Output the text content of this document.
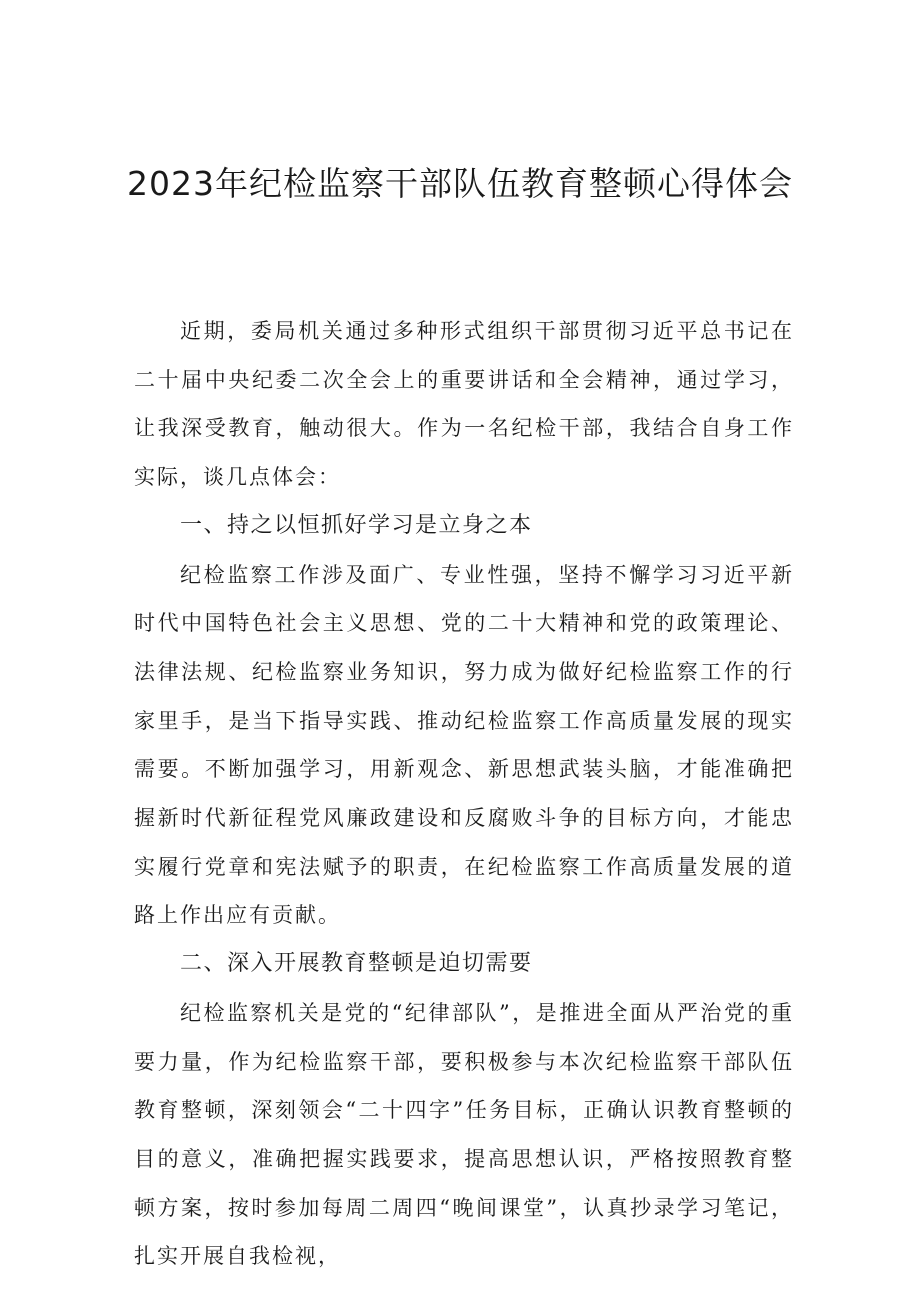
2023年纪检监察干部队伍教育整顿心得体会

近期，委局机关通过多种形式组织干部贯彻习近平总书记在二十届中央纪委二次全会上的重要讲话和全会精神，通过学习，让我深受教育，触动很大。作为一名纪检干部，我结合自身工作实际，谈几点体会：

一、持之以恒抓好学习是立身之本

纪检监察工作涉及面广、专业性强，坚持不懈学习习近平新时代中国特色社会主义思想、党的二十大精神和党的政策理论、法律法规、纪检监察业务知识，努力成为做好纪检监察工作的行家里手，是当下指导实践、推动纪检监察工作高质量发展的现实需要。不断加强学习，用新观念、新思想武装头脑，才能准确把握新时代新征程党风廉政建设和反腐败斗争的目标方向，才能忠实履行党章和宪法赋予的职责，在纪检监察工作高质量发展的道路上作出应有贡献。

二、深入开展教育整顿是迫切需要

纪检监察机关是党的“纪律部队”，是推进全面从严治党的重要力量，作为纪检监察干部，要积极参与本次纪检监察干部队伍教育整顿，深刻领会“二十四字”任务目标，正确认识教育整顿的目的意义，准确把握实践要求，提高思想认识，严格按照教育整顿方案，按时参加每周二周四“晚间课堂”，认真抄录学习笔记，扎实开展自我检视，
